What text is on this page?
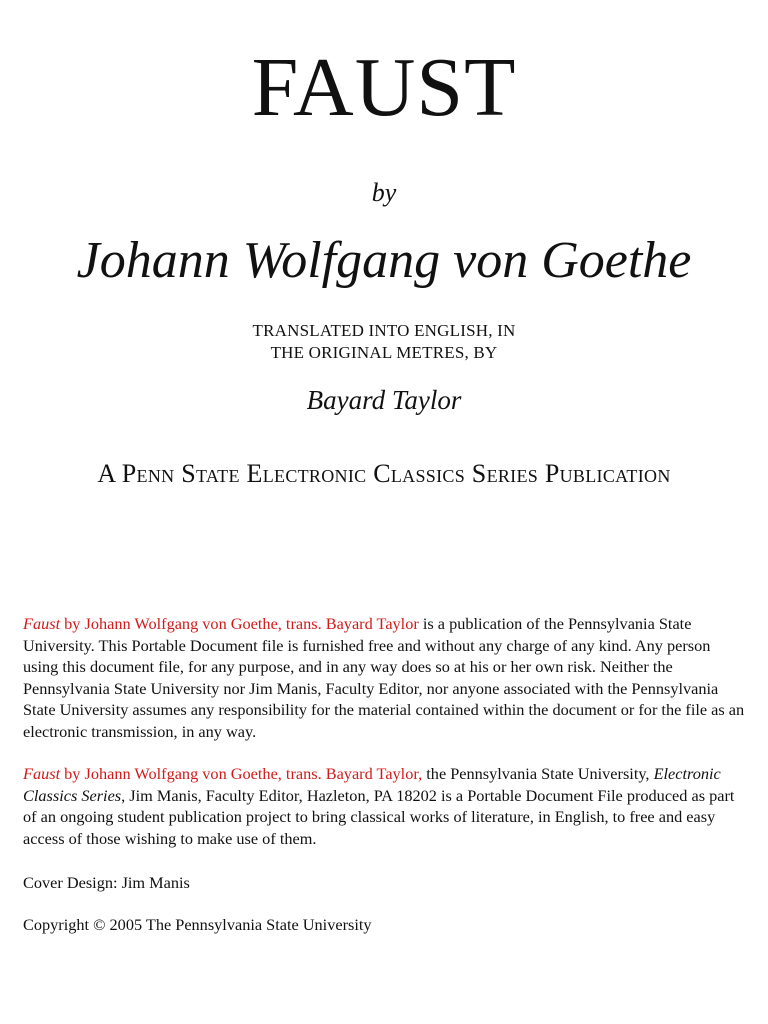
FAUST
by
Johann Wolfgang von Goethe
TRANSLATED INTO ENGLISH, IN
THE ORIGINAL METRES, BY
Bayard Taylor
A Penn State Electronic Classics Series Publication
Faust by Johann Wolfgang von Goethe, trans. Bayard Taylor is a publication of the Pennsylvania State University. This Portable Document file is furnished free and without any charge of any kind. Any person using this document file, for any purpose, and in any way does so at his or her own risk. Neither the Pennsylvania State University nor Jim Manis, Faculty Editor, nor anyone associated with the Pennsylvania State University assumes any responsibility for the material contained within the document or for the file as an electronic transmission, in any way.
Faust by Johann Wolfgang von Goethe, trans. Bayard Taylor, the Pennsylvania State University, Electronic Classics Series, Jim Manis, Faculty Editor, Hazleton, PA 18202 is a Portable Document File produced as part of an ongoing student publication project to bring classical works of literature, in English, to free and easy access of those wishing to make use of them.
Cover Design: Jim Manis
Copyright © 2005 The Pennsylvania State University
